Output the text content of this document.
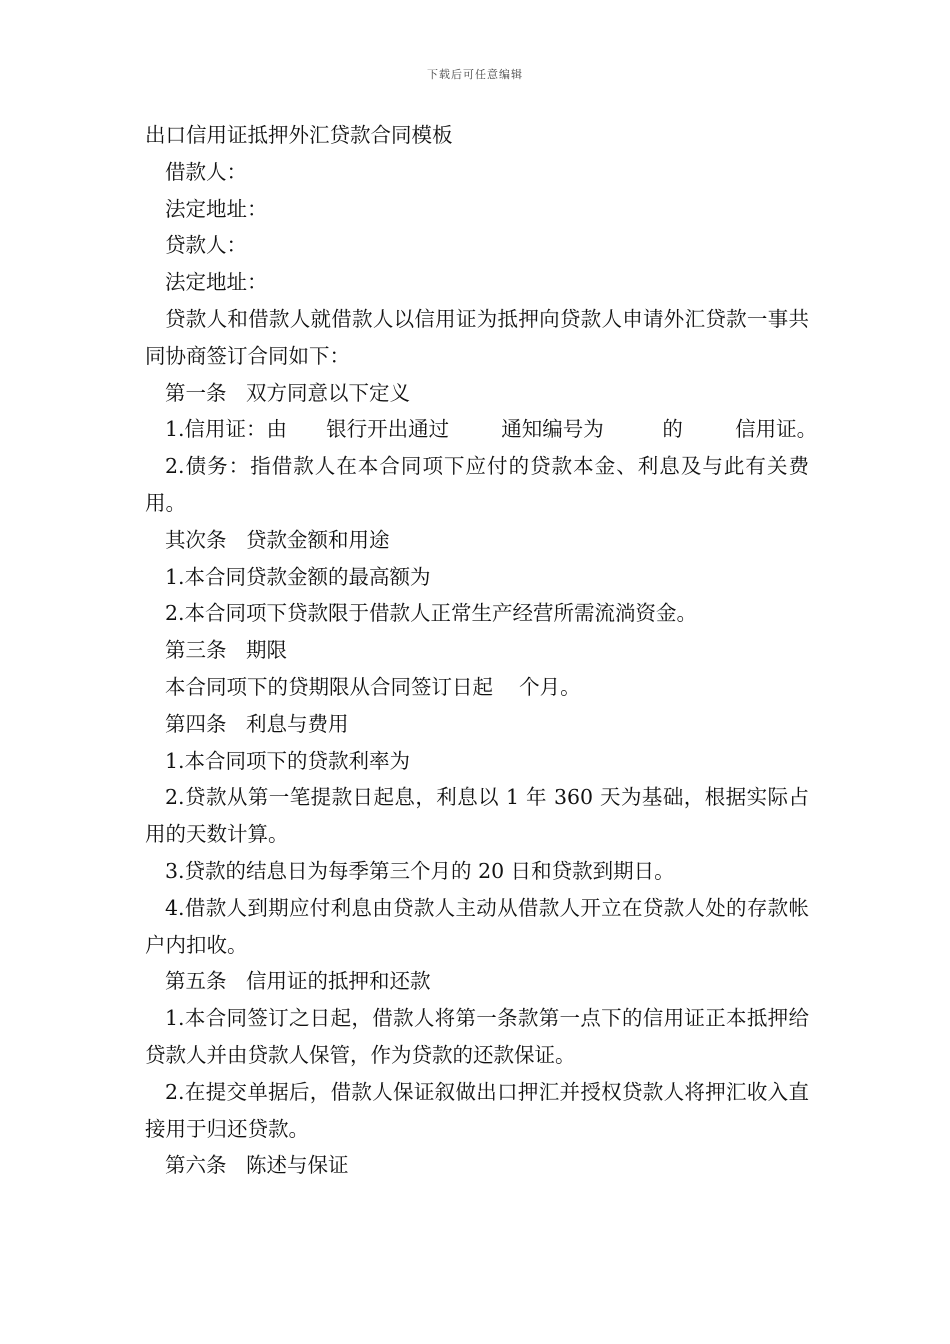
下载后可任意编辑

出口信用证抵押外汇贷款合同模板

借款人：

法定地址：

贷款人：

法定地址：

贷款人和借款人就借款人以信用证为抵押向贷款人申请外汇贷款一事共同协商签订合同如下：

第一条   双方同意以下定义

1.信用证：由      银行开出通过        通知编号为         的        信用证。

2.债务：指借款人在本合同项下应付的贷款本金、利息及与此有关费用。

其次条   贷款金额和用途

1.本合同贷款金额的最高额为

2.本合同项下贷款限于借款人正常生产经营所需流淌资金。

第三条   期限

本合同项下的贷期限从合同签订日起    个月。

第四条   利息与费用

1.本合同项下的贷款利率为

2.贷款从第一笔提款日起息，利息以 1 年 360 天为基础，根据实际占用的天数计算。

3.贷款的结息日为每季第三个月的 20 日和贷款到期日。

4.借款人到期应付利息由贷款人主动从借款人开立在贷款人处的存款帐户内扣收。

第五条   信用证的抵押和还款

1.本合同签订之日起，借款人将第一条款第一点下的信用证正本抵押给贷款人并由贷款人保管，作为贷款的还款保证。

2.在提交单据后，借款人保证叙做出口押汇并授权贷款人将押汇收入直接用于归还贷款。

第六条   陈述与保证
